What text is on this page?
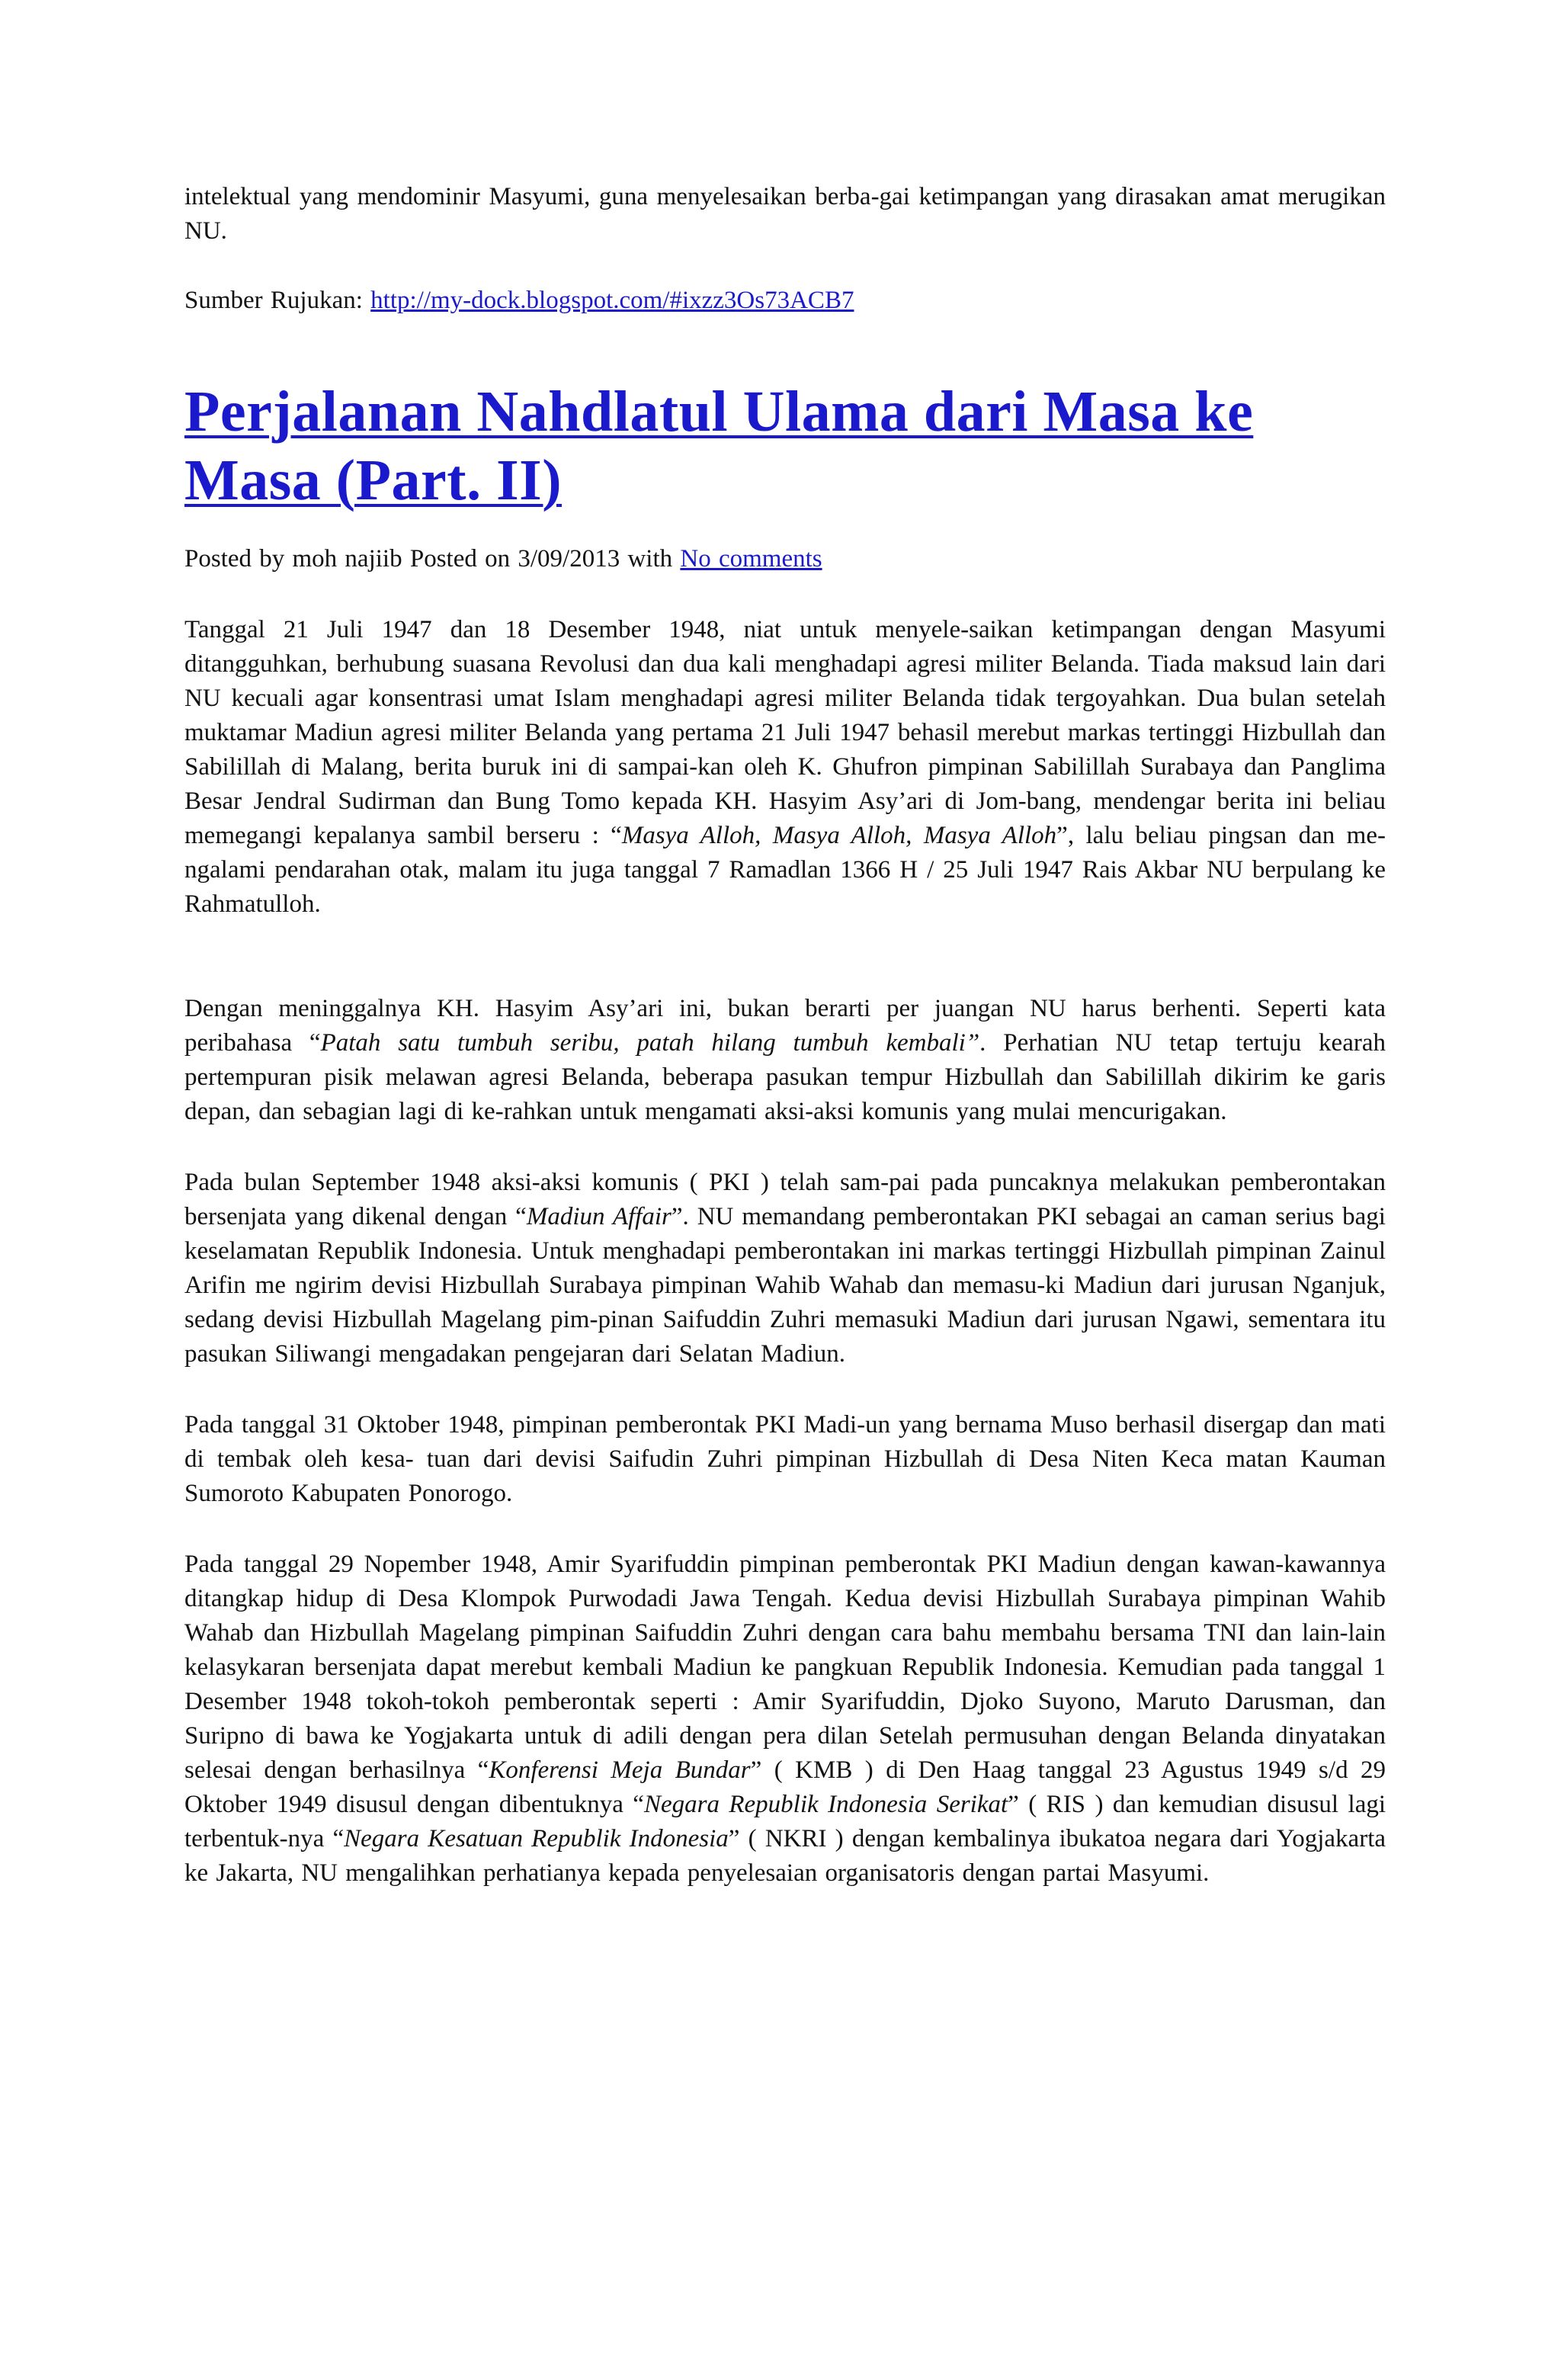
intelektual yang mendominir Masyumi, guna menyelesaikan berba-gai ketimpangan yang dirasakan amat merugikan NU.

Sumber Rujukan: http://my-dock.blogspot.com/#ixzz3Os73ACB7

Perjalanan Nahdlatul Ulama dari Masa ke Masa (Part. II)

Posted by moh najiib Posted on 3/09/2013 with No comments

Tanggal 21 Juli 1947 dan 18 Desember 1948, niat untuk menyele-saikan ketimpangan dengan Masyumi ditangguhkan, berhubung suasana Revolusi dan dua kali menghadapi agresi militer Belanda. Tiada maksud lain dari NU kecuali agar konsentrasi umat Islam menghadapi agresi militer Belanda tidak tergoyahkan. Dua bulan setelah muktamar Madiun agresi militer Belanda yang pertama 21 Juli 1947 behasil merebut markas tertinggi Hizbullah dan Sabilillah di Malang, berita buruk ini di sampai-kan oleh K. Ghufron pimpinan Sabilillah Surabaya dan Panglima Besar Jendral Sudirman dan Bung Tomo kepada KH. Hasyim Asy’ari di Jom-bang, mendengar berita ini beliau memegangi kepalanya sambil berseru : “Masya Alloh, Masya Alloh, Masya Alloh”, lalu beliau pingsan dan me-ngalami pendarahan otak, malam itu juga tanggal 7 Ramadlan 1366 H / 25 Juli 1947 Rais Akbar NU berpulang ke Rahmatulloh.

Dengan meninggalnya KH. Hasyim Asy’ari ini, bukan berarti per juangan NU harus berhenti. Seperti kata peribahasa “Patah satu tumbuh seribu, patah hilang tumbuh kembali”. Perhatian NU tetap tertuju kearah pertempuran pisik melawan agresi Belanda, beberapa pasukan tempur Hizbullah dan Sabilillah dikirim ke garis depan, dan sebagian lagi di ke-rahkan untuk mengamati aksi-aksi komunis yang mulai mencurigakan.

Pada bulan September 1948 aksi-aksi komunis ( PKI ) telah sam-pai pada puncaknya melakukan pemberontakan bersenjata yang dikenal dengan “Madiun Affair”. NU memandang pemberontakan PKI sebagai an caman serius bagi keselamatan Republik Indonesia. Untuk menghadapi pemberontakan ini markas tertinggi Hizbullah pimpinan Zainul Arifin me ngirim devisi Hizbullah Surabaya pimpinan Wahib Wahab dan memasu-ki Madiun dari jurusan Nganjuk, sedang devisi Hizbullah Magelang pim-pinan Saifuddin Zuhri memasuki Madiun dari jurusan Ngawi, sementara itu pasukan Siliwangi mengadakan pengejaran dari Selatan Madiun.

Pada tanggal 31 Oktober 1948, pimpinan pemberontak PKI Madi-un yang bernama Muso berhasil disergap dan mati di tembak oleh kesa- tuan dari devisi Saifudin Zuhri pimpinan Hizbullah di Desa Niten Keca matan Kauman Sumoroto Kabupaten Ponorogo.

Pada tanggal 29 Nopember 1948, Amir Syarifuddin pimpinan pemberontak PKI Madiun dengan kawan-kawannya ditangkap hidup di Desa Klompok Purwodadi Jawa Tengah. Kedua devisi Hizbullah Surabaya pimpinan Wahib Wahab dan Hizbullah Magelang pimpinan Saifuddin Zuhri dengan cara bahu membahu bersama TNI dan lain-lain kelasykaran bersenjata dapat merebut kembali Madiun ke pangkuan Republik Indonesia. Kemudian pada tanggal 1 Desember 1948 tokoh-tokoh pemberontak seperti : Amir Syarifuddin, Djoko Suyono, Maruto Darusman, dan Suripno di bawa ke Yogjakarta untuk di adili dengan pera dilan Setelah permusuhan dengan Belanda dinyatakan selesai dengan berhasilnya “Konferensi Meja Bundar” ( KMB ) di Den Haag tanggal 23 Agustus 1949 s/d 29 Oktober 1949 disusul dengan dibentuknya “Negara Republik Indonesia Serikat” ( RIS ) dan kemudian disusul lagi terbentuk-nya “Negara Kesatuan Republik Indonesia” ( NKRI ) dengan kembalinya ibukatoa negara dari Yogjakarta ke Jakarta, NU mengalihkan perhatianya kepada penyelesaian organisatoris dengan partai Masyumi.
